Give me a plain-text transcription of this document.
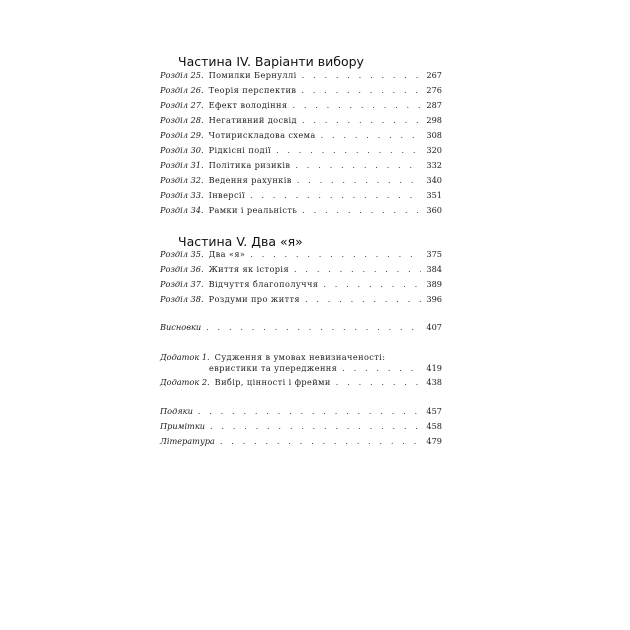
Частина IV. Варіанти вибору
Розділ 25. Помилки Бернуллі . . .	267
Розділ 26. Теорія перспектив . . .	276
Розділ 27. Ефект володіння . . .	287
Розділ 28. Негативний досвід . . .	298
Розділ 29. Чотирискладова схема . . .	308
Розділ 30. Рідкісні події . . .	320
Розділ 31. Політика ризиків . . .	332
Розділ 32. Ведення рахунків . . .	340
Розділ 33. Інверсії . . .	351
Розділ 34. Рамки і реальність . . .	360
Частина V. Два «я»
Розділ 35. Два «я» . . .	375
Розділ 36. Життя як історія . . .	384
Розділ 37. Відчуття благополуччя . . .	389
Розділ 38. Роздуми про життя . . .	396
Висновки . . .	407
Додаток 1. Судження в умовах невизначеності:
евристики та упередження . . .	419
Додаток 2. Вибір, цінності і фрейми . . .	438
Подяки . . .	457
Примітки . . .	458
Література . . .	479
